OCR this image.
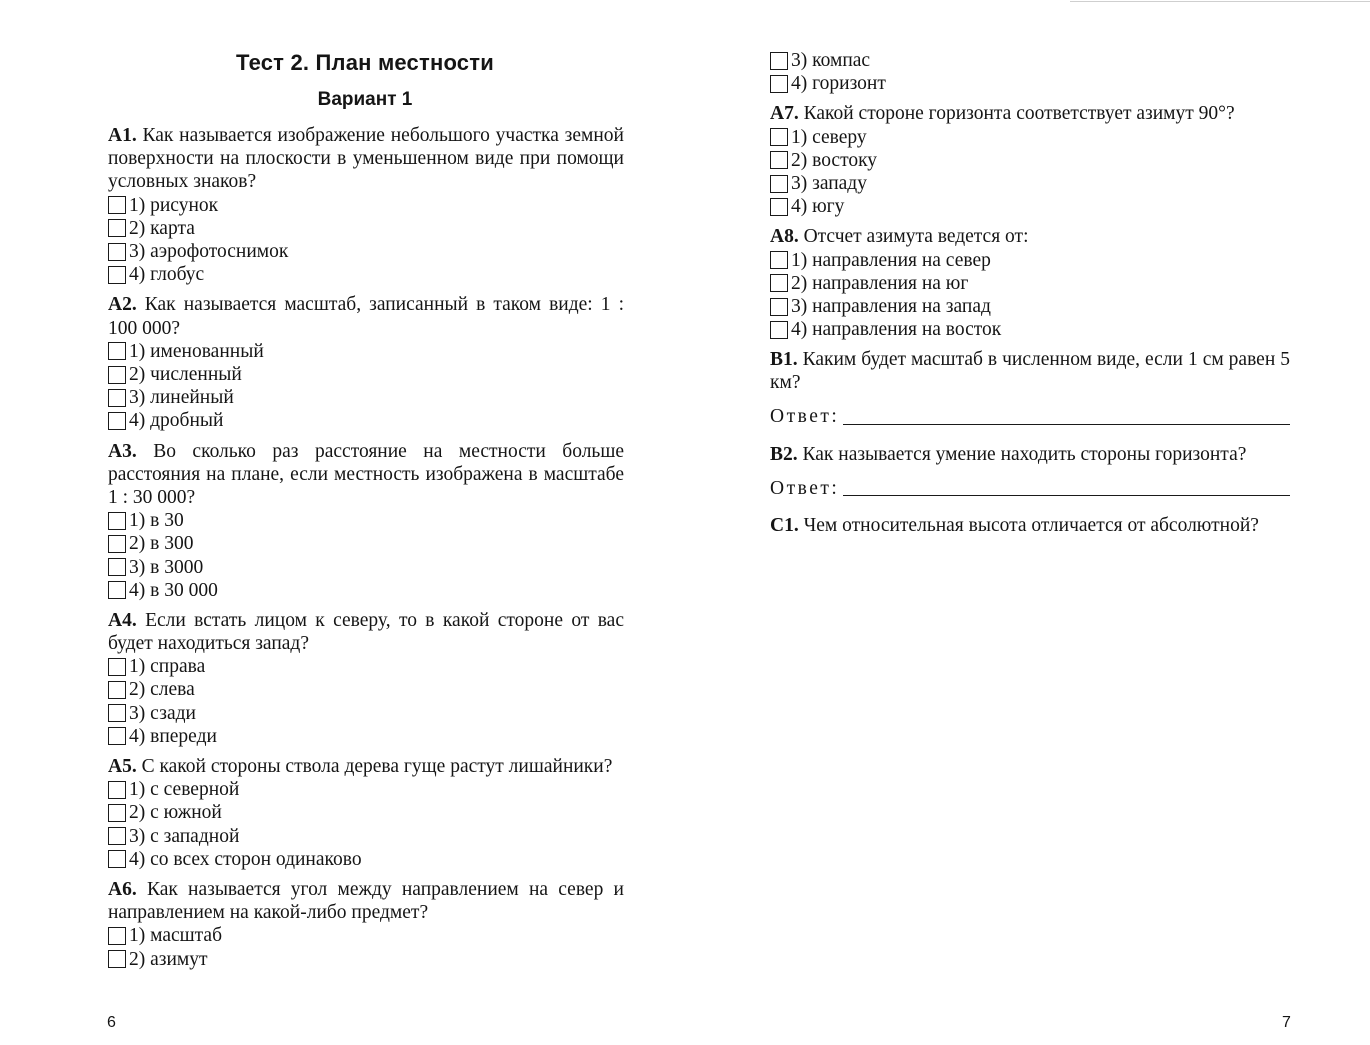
Тест 2. План местности
Вариант 1

А1. Как называется изображение небольшого участка земной поверхности на плоскости в уменьшенном виде при помощи условных знаков?

1) рисунок
2) карта
3) аэрофотоснимок
4) глобус

А2. Как называется масштаб, записанный в таком виде: 1 : 100 000?

1) именованный
2) численный
3) линейный
4) дробный

А3. Во сколько раз расстояние на местности больше расстояния на плане, если местность изображена в масштабе 1 : 30 000?

1) в 30
2) в 300
3) в 3000
4) в 30 000

А4. Если встать лицом к северу, то в какой стороне от вас будет находиться запад?

1) справа
2) слева
3) сзади
4) впереди

А5. С какой стороны ствола дерева гуще растут лишайники?

1) с северной
2) с южной
3) с западной
4) со всех сторон одинаково

А6. Как называется угол между направлением на север и направлением на какой-либо предмет?

1) масштаб
2) азимут
6
3) компас
4) горизонт

А7. Какой стороне горизонта соответствует азимут 90°?

1) северу
2) востоку
3) западу
4) югу

А8. Отсчет азимута ведется от:

1) направления на север
2) направления на юг
3) направления на запад
4) направления на восток

В1. Каким будет масштаб в численном виде, если 1 см равен 5 км?

Ответ:

В2. Как называется умение находить стороны горизонта?

Ответ:

С1. Чем относительная высота отличается от абсолютной?

7
